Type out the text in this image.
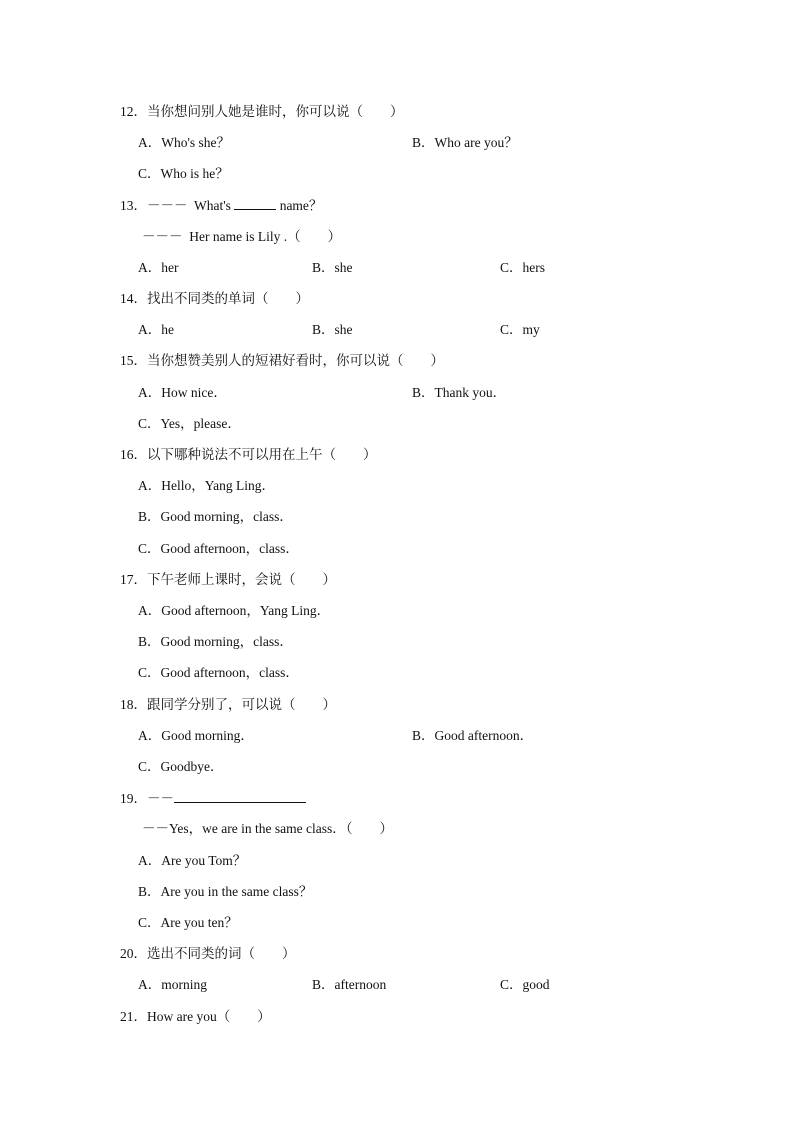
12．当你想问别人她是谁时，你可以说（　　）
A．Who's she？	B．Who are you？
C．Who is he？
13．－－－  What's	name？
－－－  Her name is Lily .（　　）
A．her	B．she	C．hers
14．找出不同类的单词（　　）
A．he	B．she	C．my
15．当你想赞美别人的短裙好看时，你可以说（　　）
A．How nice．	B．Thank you．
C．Yes，please．
16．以下哪种说法不可以用在上午（　　）
A．Hello，Yang Ling．
B．Good morning，class．
C．Good afternoon，class．
17．下午老师上课时，会说（　　）
A．Good afternoon，Yang Ling．
B．Good morning，class．
C．Good afternoon，class．
18．跟同学分别了，可以说（　　）
A．Good morning．	B．Good afternoon．
C．Goodbye．
19．－－
－－Yes，we are in the same class．（　　）
A．Are you Tom？
B．Are you in the same class？
C．Are you ten？
20．选出不同类的词（　　）
A．morning	B．afternoon	C．good
21．How are you（　　）
